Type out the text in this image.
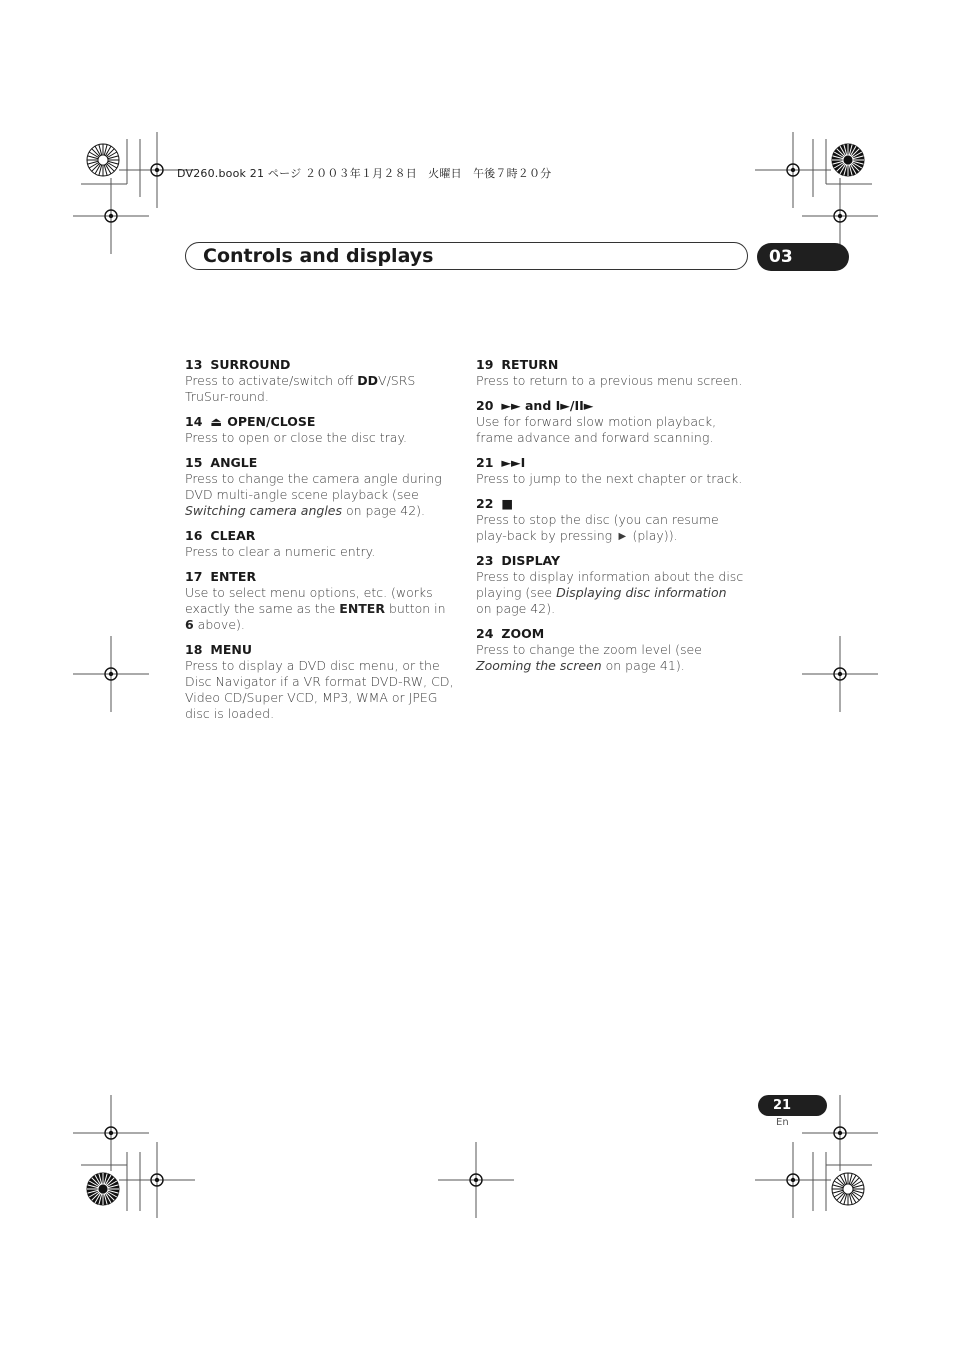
DV260.book 21 ページ ２００３年１月２８日　火曜日　午後７時２０分
Controls and displays	03
13 SURROUND
Press to activate/switch off DDV/SRS TruSur-round.
14 ⏏ OPEN/CLOSE
Press to open or close the disc tray.
15 ANGLE
Press to change the camera angle during DVD multi-angle scene playback (see Switching camera angles on page 42).
16 CLEAR
Press to clear a numeric entry.
17 ENTER
Use to select menu options, etc. (works exactly the same as the ENTER button in 6 above).
18 MENU
Press to display a DVD disc menu, or the Disc Navigator if a VR format DVD-RW, CD, Video CD/Super VCD, MP3, WMA or JPEG disc is loaded.
19 RETURN
Press to return to a previous menu screen.
20 ►► and I►/II►
Use for forward slow motion playback, frame advance and forward scanning.
21 ►►I
Press to jump to the next chapter or track.
22 ■
Press to stop the disc (you can resume play-back by pressing ► (play)).
23 DISPLAY
Press to display information about the disc playing (see Displaying disc information on page 42).
24 ZOOM
Press to change the zoom level (see Zooming the screen on page 41).
21
En
